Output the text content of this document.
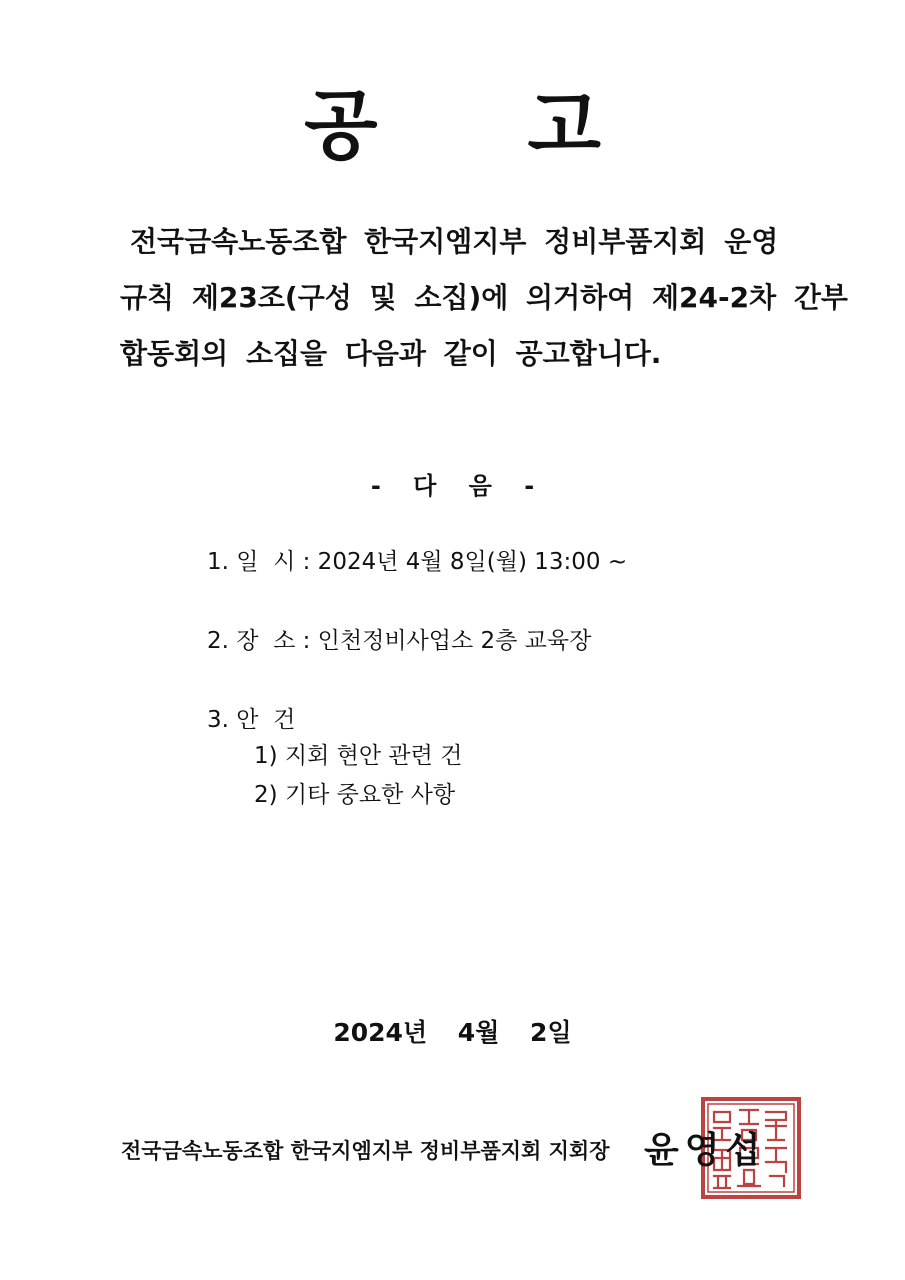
공 고
전국금속노동조합 한국지엠지부 정비부품지회 운영
규칙 제23조(구성 및 소집)에 의거하여 제24-2차 간부
합동회의 소집을 다음과 같이 공고합니다.
- 다 음 -
1. 일  시 : 2024년 4월 8일(월) 13:00 ~
2. 장  소 : 인천정비사업소 2층 교육장
3. 안  건
1) 지회 현안 관련 건
2) 기타 중요한 사항
2024년 4월 2일
전국금속노동조합 한국지엠지부 정비부품지회 지회장 윤영섭
